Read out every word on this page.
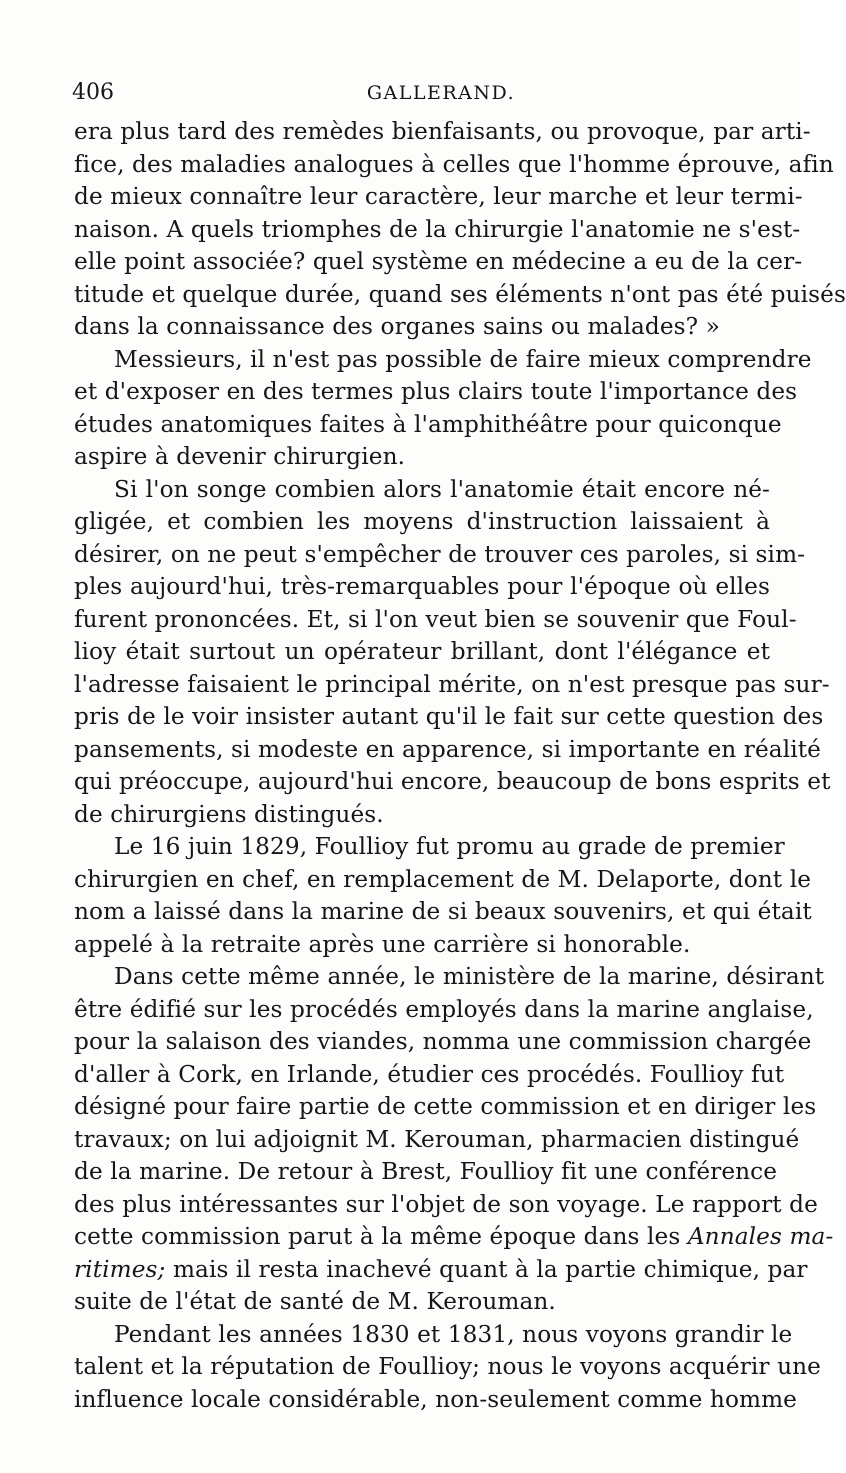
406	GALLERAND.
era plus tard des remèdes bienfaisants, ou provoque, par arti-
fice, des maladies analogues à celles que l'homme éprouve, afin
de mieux connaître leur caractère, leur marche et leur termi-
naison. A quels triomphes de la chirurgie l'anatomie ne s'est-
elle point associée? quel système en médecine a eu de la cer-
titude et quelque durée, quand ses éléments n'ont pas été puisés
dans la connaissance des organes sains ou malades? »
Messieurs, il n'est pas possible de faire mieux comprendre
et d'exposer en des termes plus clairs toute l'importance des
études anatomiques faites à l'amphithéâtre pour quiconque
aspire à devenir chirurgien.
Si l'on songe combien alors l'anatomie était encore né-
gligée, et combien les moyens d'instruction laissaient à
désirer, on ne peut s'empêcher de trouver ces paroles, si sim-
ples aujourd'hui, très-remarquables pour l'époque où elles
furent prononcées. Et, si l'on veut bien se souvenir que Foul-
lioy était surtout un opérateur brillant, dont l'élégance et
l'adresse faisaient le principal mérite, on n'est presque pas sur-
pris de le voir insister autant qu'il le fait sur cette question des
pansements, si modeste en apparence, si importante en réalité
qui préoccupe, aujourd'hui encore, beaucoup de bons esprits et
de chirurgiens distingués.
Le 16 juin 1829, Foullioy fut promu au grade de premier
chirurgien en chef, en remplacement de M. Delaporte, dont le
nom a laissé dans la marine de si beaux souvenirs, et qui était
appelé à la retraite après une carrière si honorable.
Dans cette même année, le ministère de la marine, désirant
être édifié sur les procédés employés dans la marine anglaise,
pour la salaison des viandes, nomma une commission chargée
d'aller à Cork, en Irlande, étudier ces procédés. Foullioy fut
désigné pour faire partie de cette commission et en diriger les
travaux; on lui adjoignit M. Kerouman, pharmacien distingué
de la marine. De retour à Brest, Foullioy fit une conférence
des plus intéressantes sur l'objet de son voyage. Le rapport de
cette commission parut à la même époque dans les Annales ma-
ritimes; mais il resta inachevé quant à la partie chimique, par
suite de l'état de santé de M. Kerouman.
Pendant les années 1830 et 1831, nous voyons grandir le
talent et la réputation de Foullioy; nous le voyons acquérir une
influence locale considérable, non-seulement comme homme
